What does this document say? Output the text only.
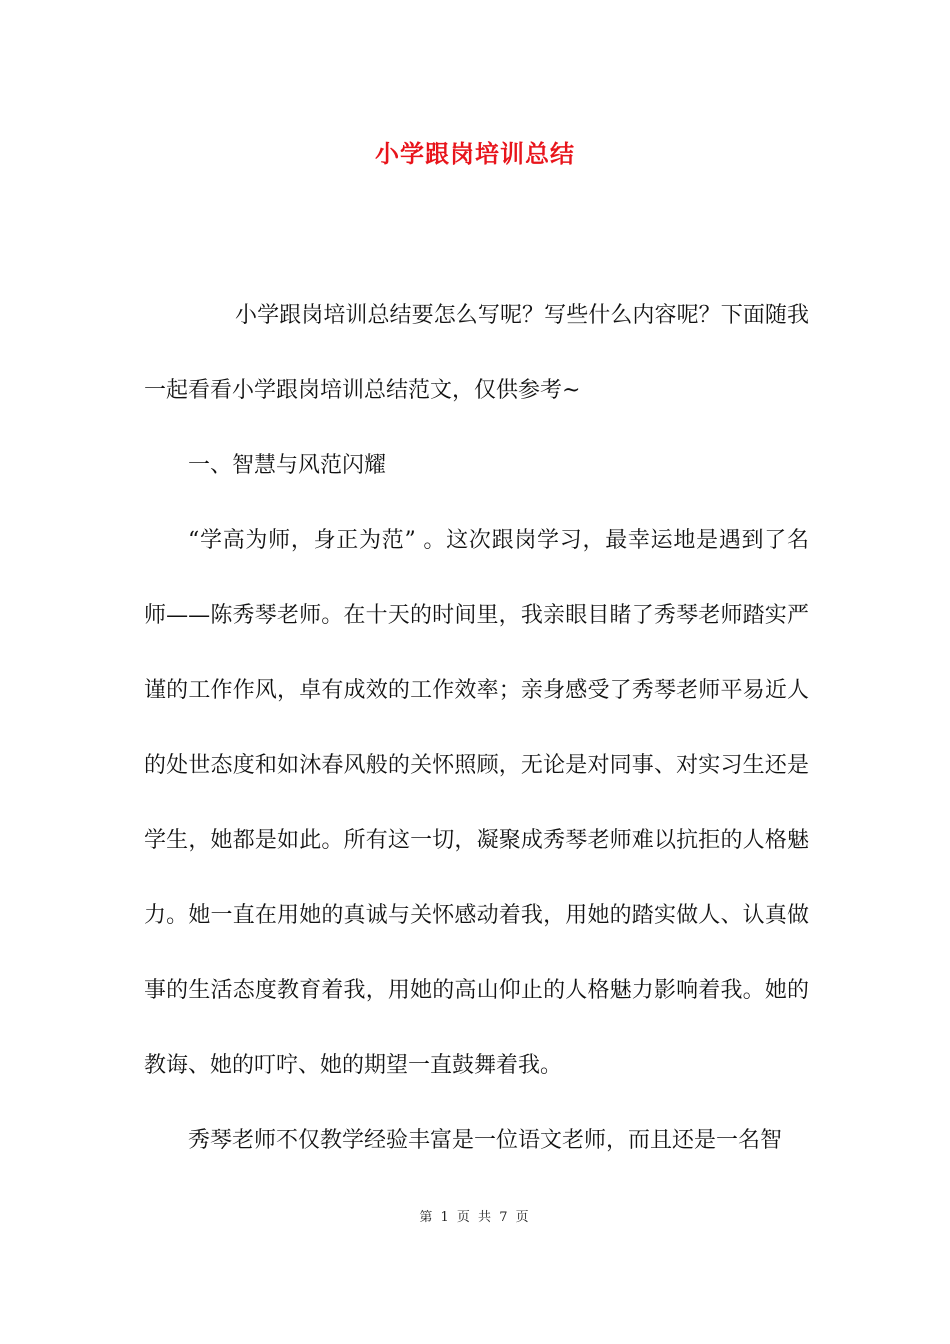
小学跟岗培训总结

小学跟岗培训总结要怎么写呢？写些什么内容呢？下面随我一起看看小学跟岗培训总结范文，仅供参考~

一、智慧与风范闪耀

“学高为师，身正为范” 。这次跟岗学习，最幸运地是遇到了名师——陈秀琴老师。在十天的时间里，我亲眼目睹了秀琴老师踏实严谨的工作作风，卓有成效的工作效率；亲身感受了秀琴老师平易近人的处世态度和如沐春风般的关怀照顾，无论是对同事、对实习生还是学生，她都是如此。所有这一切，凝聚成秀琴老师难以抗拒的人格魅力。她一直在用她的真诚与关怀感动着我，用她的踏实做人、认真做事的生活态度教育着我，用她的高山仰止的人格魅力影响着我。她的教诲、她的叮咛、她的期望一直鼓舞着我。

秀琴老师不仅教学经验丰富是一位语文老师，而且还是一名智

第 1 页 共 7 页
